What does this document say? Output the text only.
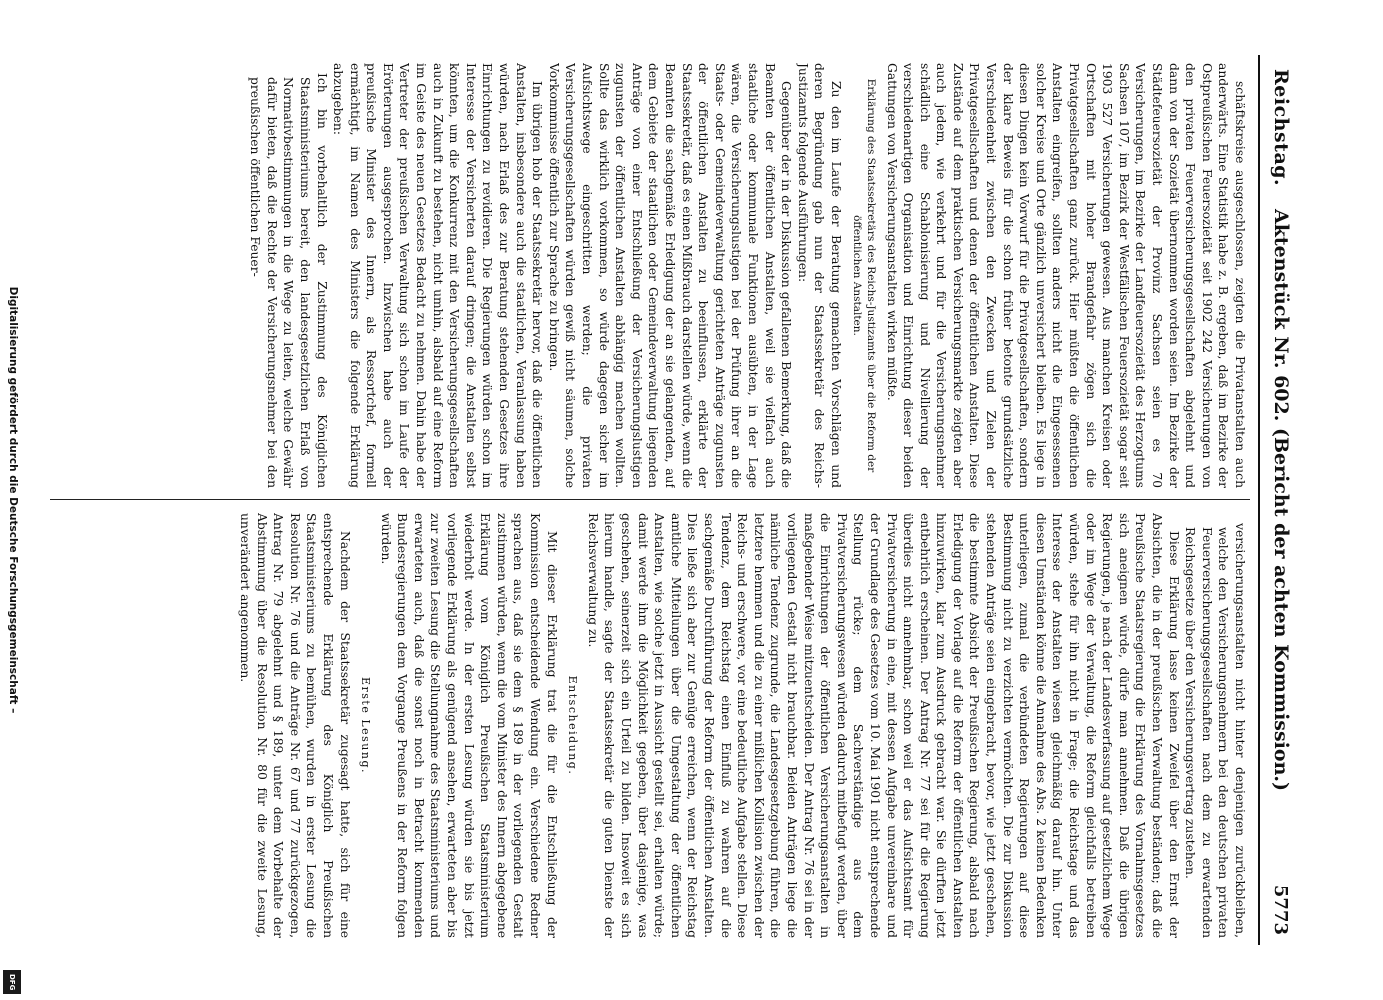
Digitalisierung gefördert durch die Deutsche Forschungsgemeinschaft –
DFG
Reichstag.
Aktenstück Nr. 602. (Bericht der achten Kommission.)
5773

schäftskreise ausgeschlossen, zeigten die Privatanstalten auch anderwärts. Eine Statistik habe z. B. ergeben, daß im Bezirke der Ostpreußischen Feuersozietät seit 1902 242 Versicherungen von den privaten Feuerversicherungsgesellschaften abgelehnt und dann von der Sozietät übernommen worden seien. Im Bezirke der Städtefeuersozietät der Provinz Sachsen seien es 70 Versicherungen, im Bezirke der Landfeuersozietät des Herzogtums Sachsen 107, im Bezirk der Westfälischen Feuersozietät sogar seit 1903 527 Versicherungen gewesen. Aus manchen Kreisen oder Ortschaften mit hoher Brandgefahr zögen sich die Privatgesellschaften ganz zurück. Hier müßten die öffentlichen Anstalten eingreifen, sollten anders nicht die Eingesessenen solcher Kreise und Orte gänzlich unversichert bleiben. Es liege in diesen Dingen kein Vorwurf für die Privatgesellschaften, sondern der klare Beweis für die schon früher betonte grundsätzliche Verschiedenheit zwischen den Zwecken und Zielen der Privatgesellschaften und denen der öffentlichen Anstalten. Diese Zustände auf dem praktischen Versicherungsmarkte zeigten aber auch jedem, wie verkehrt und für die Versicherungsnehmer schädlich eine Schablonisierung und Nivellierung der verschiedenartigen Organisation und Einrichtung dieser beiden Gattungen von Versicherungsanstalten wirken müßte.

Erklärung des Staatssekretärs des Reichs-Justizamts über die Reform der öffentlichen Anstalten.

Zu den im Laufe der Beratung gemachten Vorschlägen und deren Begründung gab nun der Staatssekretär des Reichs-Justizamts folgende Ausführungen:

Gegenüber der in der Diskussion gefallenen Bemerkung, daß die Beamten der öffentlichen Anstalten, weil sie vielfach auch staatliche oder kommunale Funktionen ausübten, in der Lage wären, die Versicherungslustigen bei der Prüfung ihrer an die Staats- oder Gemeindeverwaltung gerichteten Anträge zugunsten der öffentlichen Anstalten zu beeinflussen, erklärte der Staatssekretär, daß es einen Mißbrauch darstellen würde, wenn die Beamten die sachgemäße Erledigung der an sie gelangenden, auf dem Gebiete der staatlichen oder Gemeindeverwaltung liegenden Anträge von einer Entschließung der Versicherungslustigen zugunsten der öffentlichen Anstalten abhängig machen wollten. Sollte das wirklich vorkommen, so würde dagegen sicher im Aufsichtswege eingeschritten werden; die privaten Versicherungsgesellschaften würden gewiß nicht säumen, solche Vorkommnisse öffentlich zur Sprache zu bringen.

Im übrigen hob der Staatssekretär hervor, daß die öffentlichen Anstalten, insbesondere auch die staatlichen, Veranlassung haben würden, nach Erlaß des zur Beratung stehenden Gesetzes ihre Einrichtungen zu revidieren. Die Regierungen würden schon im Interesse der Versicherten darauf dringen; die Anstalten selbst könnten, um die Konkurrenz mit den Versicherungsgesellschaften auch in Zukunft zu bestehen, nicht umhin, alsbald auf eine Reform im Geiste des neuen Gesetzes Bedacht zu nehmen. Dahin habe der Vertreter der preußischen Verwaltung sich schon im Laufe der Erörterungen ausgesprochen. Inzwischen habe auch der preußische Minister des Innern, als Ressortchef, formell ermächtigt, im Namen des Ministers die folgende Erklärung abzugeben:

Ich bin vorbehaltlich der Zustimmung des Königlichen Staatsministeriums bereit, den landesgesetzlichen Erlaß von Normativbestimmungen in die Wege zu leiten, welche Gewähr dafür bieten, daß die Rechte der Versicherungsnehmer bei den preußischen öffentlichen Feuer-

versicherungsanstalten nicht hinter denjenigen zurückbleiben, welche den Versicherungsnehmern bei den deutschen privaten Feuerversicherungsgesellschaften nach dem zu erwartenden Reichsgesetze über den Versicherungsvertrag zustehen.

Diese Erklärung lasse keinen Zweifel über den Ernst der Absichten, die in der preußischen Verwaltung beständen; daß die Preußische Staatsregierung die Erklärung des Vornahmsgesetzes sich aneignen würde, dürfe man annehmen. Daß die übrigen Regierungen, je nach der Landesverfassung auf gesetzlichem Wege oder im Wege der Verwaltung, die Reform gleichfalls betreiben würden, stehe für ihn nicht in Frage; die Reichstage und das Interesse der Anstalten wiesen gleichmäßig darauf hin. Unter diesen Umständen könne die Annahme des Abs. 2 keinen Bedenken unterliegen, zumal die verbündeten Regierungen auf diese Bestimmung nicht zu verzichten vermöchten. Die zur Diskussion stehenden Anträge seien eingebracht, bevor, wie jetzt geschehen, die bestimmte Absicht der Preußischen Regierung, alsbald nach Erledigung der Vorlage auf die Reform der öffentlichen Anstalten hinzuwirken, klar zum Ausdruck gebracht war. Sie dürften jetzt entbehrlich erscheinen. Der Antrag Nr. 77 sei für die Regierung überdies nicht annehmbar, schon weil er das Aufsichtsamt für Privatversicherung in eine, mit dessen Aufgabe unvereinbare und der Grundlage des Gesetzes vom 10. Mai 1901 nicht entsprechende Stellung rücke; dem Sachverständige aus dem Privatversicherungswesen würden dadurch mitbefugt werden, über die Einrichtungen der öffentlichen Versicherungsanstalten in maßgebender Weise mitzuentscheiden. Der Antrag Nr. 76 sei in der vorliegenden Gestalt nicht brauchbar. Beiden Anträgen liege die nämliche Tendenz zugrunde, die Landesgesetzgebung führen, die letztere hemmen und die zu einer mißlichen Kollision zwischen der Reichs- und erschwere, vor eine bedeutliche Aufgabe stellen. Diese Tendenz, dem Reichstag einen Einfluß zu wahren auf die sachgemäße Durchführung der Reform der öffentlichen Anstalten. Dies ließe sich aber zur Genüge erreichen, wenn der Reichstag amtliche Mitteilungen über die Umgestaltung der öffentlichen Anstalten, wie solche jetzt in Aussicht gestellt sei, erhalten würde; damit werde ihm die Möglichkeit gegeben, über dasjenige, was geschehen, seinerzeit sich ein Urteil zu bilden. Insoweit es sich hierum handle, sagte der Staatssekretär die guten Dienste der Reichsverwaltung zu.

Entscheidung.

Mit dieser Erklärung trat die für die Entschließung der Kommission entscheidende Wendung ein. Verschiedene Redner sprachen aus, daß sie dem § 189 in der vorliegenden Gestalt zustimmen würden, wenn die vom Minister des Innern abgegebene Erklärung vom Königlich Preußischen Staatsministerium wiederholt werde. In der ersten Lesung würden sie bis jetzt vorliegende Erklärung als genügend ansehen, erwarteten aber bis zur zweiten Lesung die Stellungnahme des Staatsministeriums und erwarteten auch, daß die sonst noch in Betracht kommenden Bundesregierungen dem Vorgange Preußens in der Reform folgen würden.

Erste Lesung.

Nachdem der Staatssekretär zugesagt hatte, sich für eine entsprechende Erklärung des Königlich Preußischen Staatsministeriums zu bemühen, wurden in erster Lesung die Resolution Nr. 76 und die Anträge Nr. 67 und 77 zurückgezogen, Antrag Nr. 79 abgelehnt und § 189, unter dem Vorbehalte der Abstimmung über die Resolution Nr. 80 für die zweite Lesung, unverändert angenommen.
